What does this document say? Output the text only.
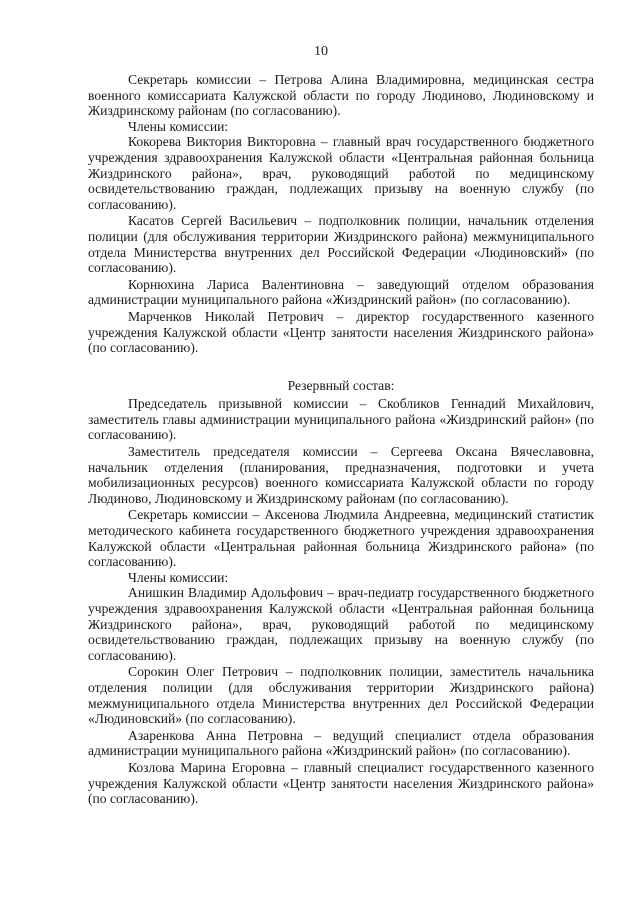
10

Секретарь комиссии – Петрова Алина Владимировна, медицинская сестра военного комиссариата Калужской области по городу Людиново, Людиновскому и Жиздринскому районам (по согласованию).

Члены комиссии:

Кокорева Виктория Викторовна – главный врач государственного бюджетного учреждения здравоохранения Калужской области «Центральная районная больница Жиздринского района», врач, руководящий работой по медицинскому освидетельствованию граждан, подлежащих призыву на военную службу (по согласованию).

Касатов Сергей Васильевич – подполковник полиции, начальник отделения полиции (для обслуживания территории Жиздринского района) межмуниципального отдела Министерства внутренних дел Российской Федерации «Людиновский» (по согласованию).

Корнюхина Лариса Валентиновна – заведующий отделом образования администрации муниципального района «Жиздринский район» (по согласованию).

Марченков Николай Петрович – директор государственного казенного учреждения Калужской области «Центр занятости населения Жиздринского района» (по согласованию).

Резервный состав:

Председатель призывной комиссии – Скобликов Геннадий Михайлович, заместитель главы администрации муниципального района «Жиздринский район» (по согласованию).

Заместитель председателя комиссии – Сергеева Оксана Вячеславовна, начальник отделения (планирования, предназначения, подготовки и учета мобилизационных ресурсов) военного комиссариата Калужской области по городу Людиново, Людиновскому и Жиздринскому районам (по согласованию).

Секретарь комиссии – Аксенова Людмила Андреевна, медицинский статистик методического кабинета государственного бюджетного учреждения здравоохранения Калужской области «Центральная районная больница Жиздринского района» (по согласованию).

Члены комиссии:

Анишкин Владимир Адольфович – врач-педиатр государственного бюджетного учреждения здравоохранения Калужской области «Центральная районная больница Жиздринского района», врач, руководящий работой по медицинскому освидетельствованию граждан, подлежащих призыву на военную службу (по согласованию).

Сорокин Олег Петрович – подполковник полиции, заместитель начальника отделения полиции (для обслуживания территории Жиздринского района) межмуниципального отдела Министерства внутренних дел Российской Федерации «Людиновский» (по согласованию).

Азаренкова Анна Петровна – ведущий специалист отдела образования администрации муниципального района «Жиздринский район» (по согласованию).

Козлова Марина Егоровна – главный специалист государственного казенного учреждения Калужской области «Центр занятости населения Жиздринского района» (по согласованию).
